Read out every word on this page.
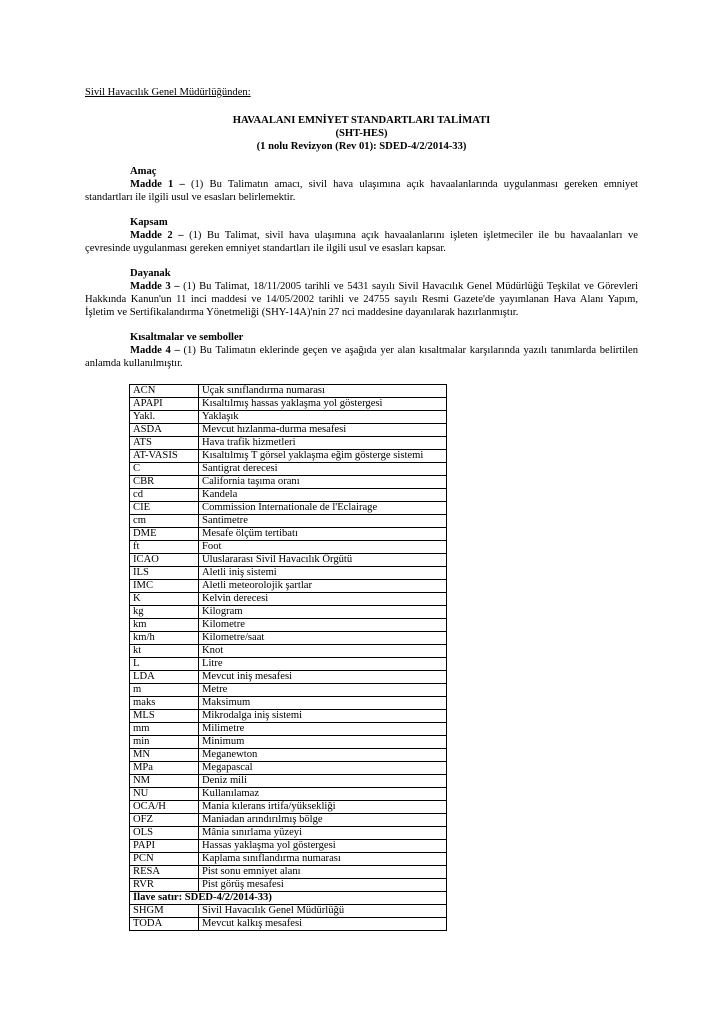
Sivil Havacılık Genel Müdürlüğünden:
HAVAALANI EMNİYET STANDARTLARI TALİMATI
(SHT-HES)
(1 nolu Revizyon (Rev 01): SDED-4/2/2014-33)
Amaç
Madde 1 – (1) Bu Talimatın amacı, sivil hava ulaşımına açık havaalanlarında uygulanması gereken emniyet standartları ile ilgili usul ve esasları belirlemektir.
Kapsam
Madde 2 – (1) Bu Talimat, sivil hava ulaşımına açık havaalanlarını işleten işletmeciler ile bu havaalanları ve çevresinde uygulanması gereken emniyet standartları ile ilgili usul ve esasları kapsar.
Dayanak
Madde 3 – (1) Bu Talimat, 18/11/2005 tarihli ve 5431 sayılı Sivil Havacılık Genel Müdürlüğü Teşkilat ve Görevleri Hakkında Kanun'un 11 inci maddesi ve 14/05/2002 tarihli ve 24755 sayılı Resmi Gazete'de yayımlanan Hava Alanı Yapım, İşletim ve Sertifikalandırma Yönetmeliği (SHY-14A)'nin 27 nci maddesine dayanılarak hazırlanmıştır.
Kısaltmalar ve semboller
Madde 4 – (1) Bu Talimatın eklerinde geçen ve aşağıda yer alan kısaltmalar karşılarında yazılı tanımlarda belirtilen anlamda kullanılmıştır.
ACN	Uçak sınıflandırma numarası
APAPI	Kısaltılmış hassas yaklaşma yol göstergesi
Yakl.	Yaklaşık
ASDA	Mevcut hızlanma-durma mesafesi
ATS	Hava trafik hizmetleri
AT-VASIS	Kısaltılmış T görsel yaklaşma eğim gösterge sistemi
C	Santigrat derecesi
CBR	California taşıma oranı
cd	Kandela
CIE	Commission Internationale de l'Eclairage
cm	Santimetre
DME	Mesafe ölçüm tertibatı
ft	Foot
ICAO	Uluslararası Sivil Havacılık Örgütü
ILS	Aletli iniş sistemi
IMC	Aletli meteorolojik şartlar
K	Kelvin derecesi
kg	Kilogram
km	Kilometre
km/h	Kilometre/saat
kt	Knot
L	Litre
LDA	Mevcut iniş mesafesi
m	Metre
maks	Maksimum
MLS	Mikrodalga iniş sistemi
mm	Milimetre
min	Minimum
MN	Meganewton
MPa	Megapascal
NM	Deniz mili
NU	Kullanılamaz
OCA/H	Mania kılerans irtifa/yüksekliği
OFZ	Maniadan arındırılmış bölge
OLS	Mânia sınırlama yüzeyi
PAPI	Hassas yaklaşma yol göstergesi
PCN	Kaplama sınıflandırma numarası
RESA	Pist sonu emniyet alanı
RVR	Pist görüş mesafesi
İlave satır: SDED-4/2/2014-33)	
SHGM	Sivil Havacılık Genel Müdürlüğü
TODA	Mevcut kalkış mesafesi
